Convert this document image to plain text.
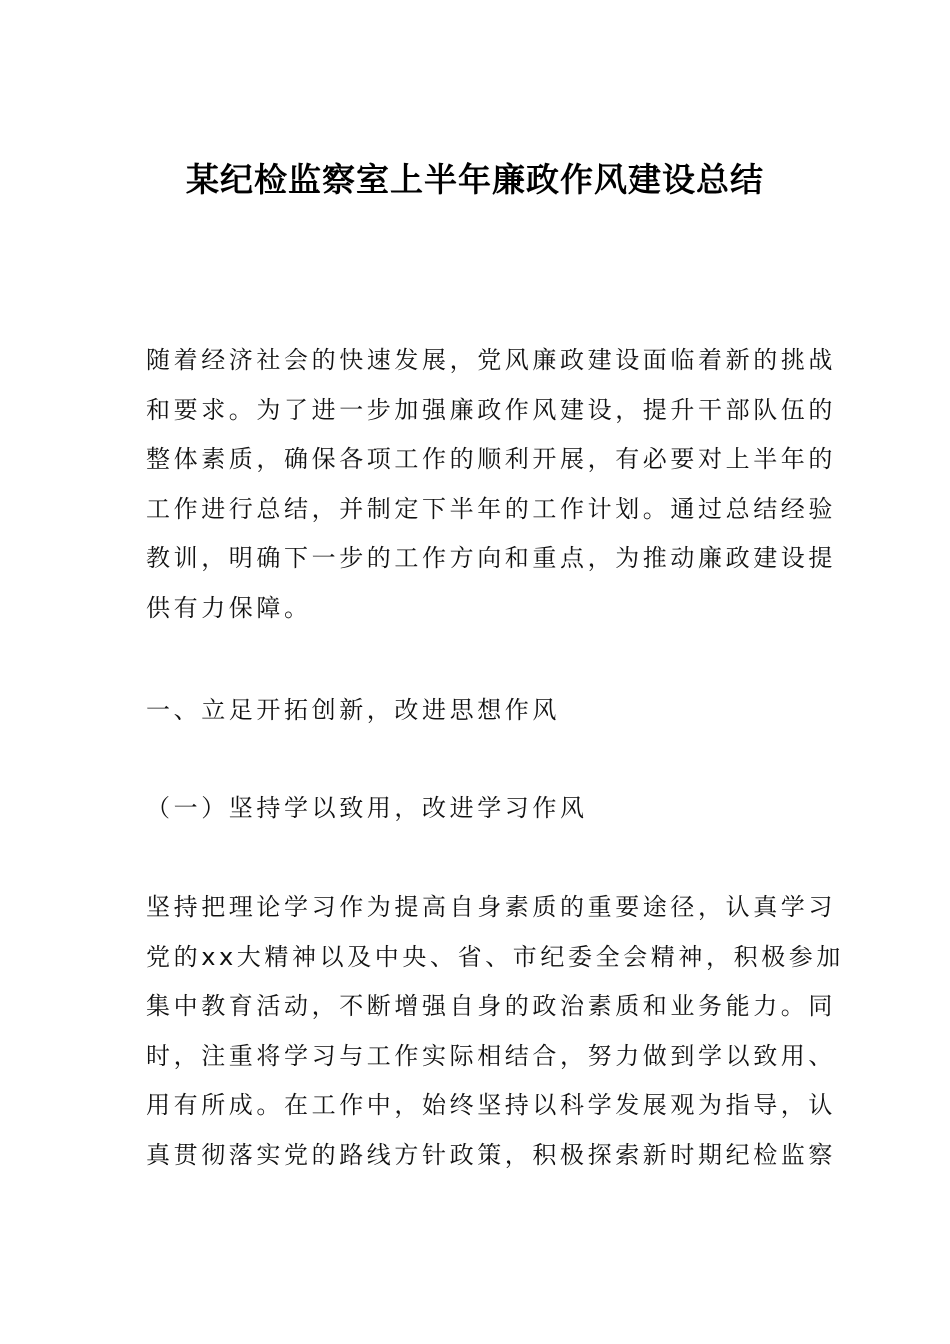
某纪检监察室上半年廉政作风建设总结
随着经济社会的快速发展，党风廉政建设面临着新的挑战
和要求。为了进一步加强廉政作风建设，提升干部队伍的
整体素质，确保各项工作的顺利开展，有必要对上半年的
工作进行总结，并制定下半年的工作计划。通过总结经验
教训，明确下一步的工作方向和重点，为推动廉政建设提
供有力保障。
一、立足开拓创新，改进思想作风
（一）坚持学以致用，改进学习作风
坚持把理论学习作为提高自身素质的重要途径，认真学习
党的xx大精神以及中央、省、市纪委全会精神，积极参加
集中教育活动，不断增强自身的政治素质和业务能力。同
时，注重将学习与工作实际相结合，努力做到学以致用、
用有所成。在工作中，始终坚持以科学发展观为指导，认
真贯彻落实党的路线方针政策，积极探索新时期纪检监察
